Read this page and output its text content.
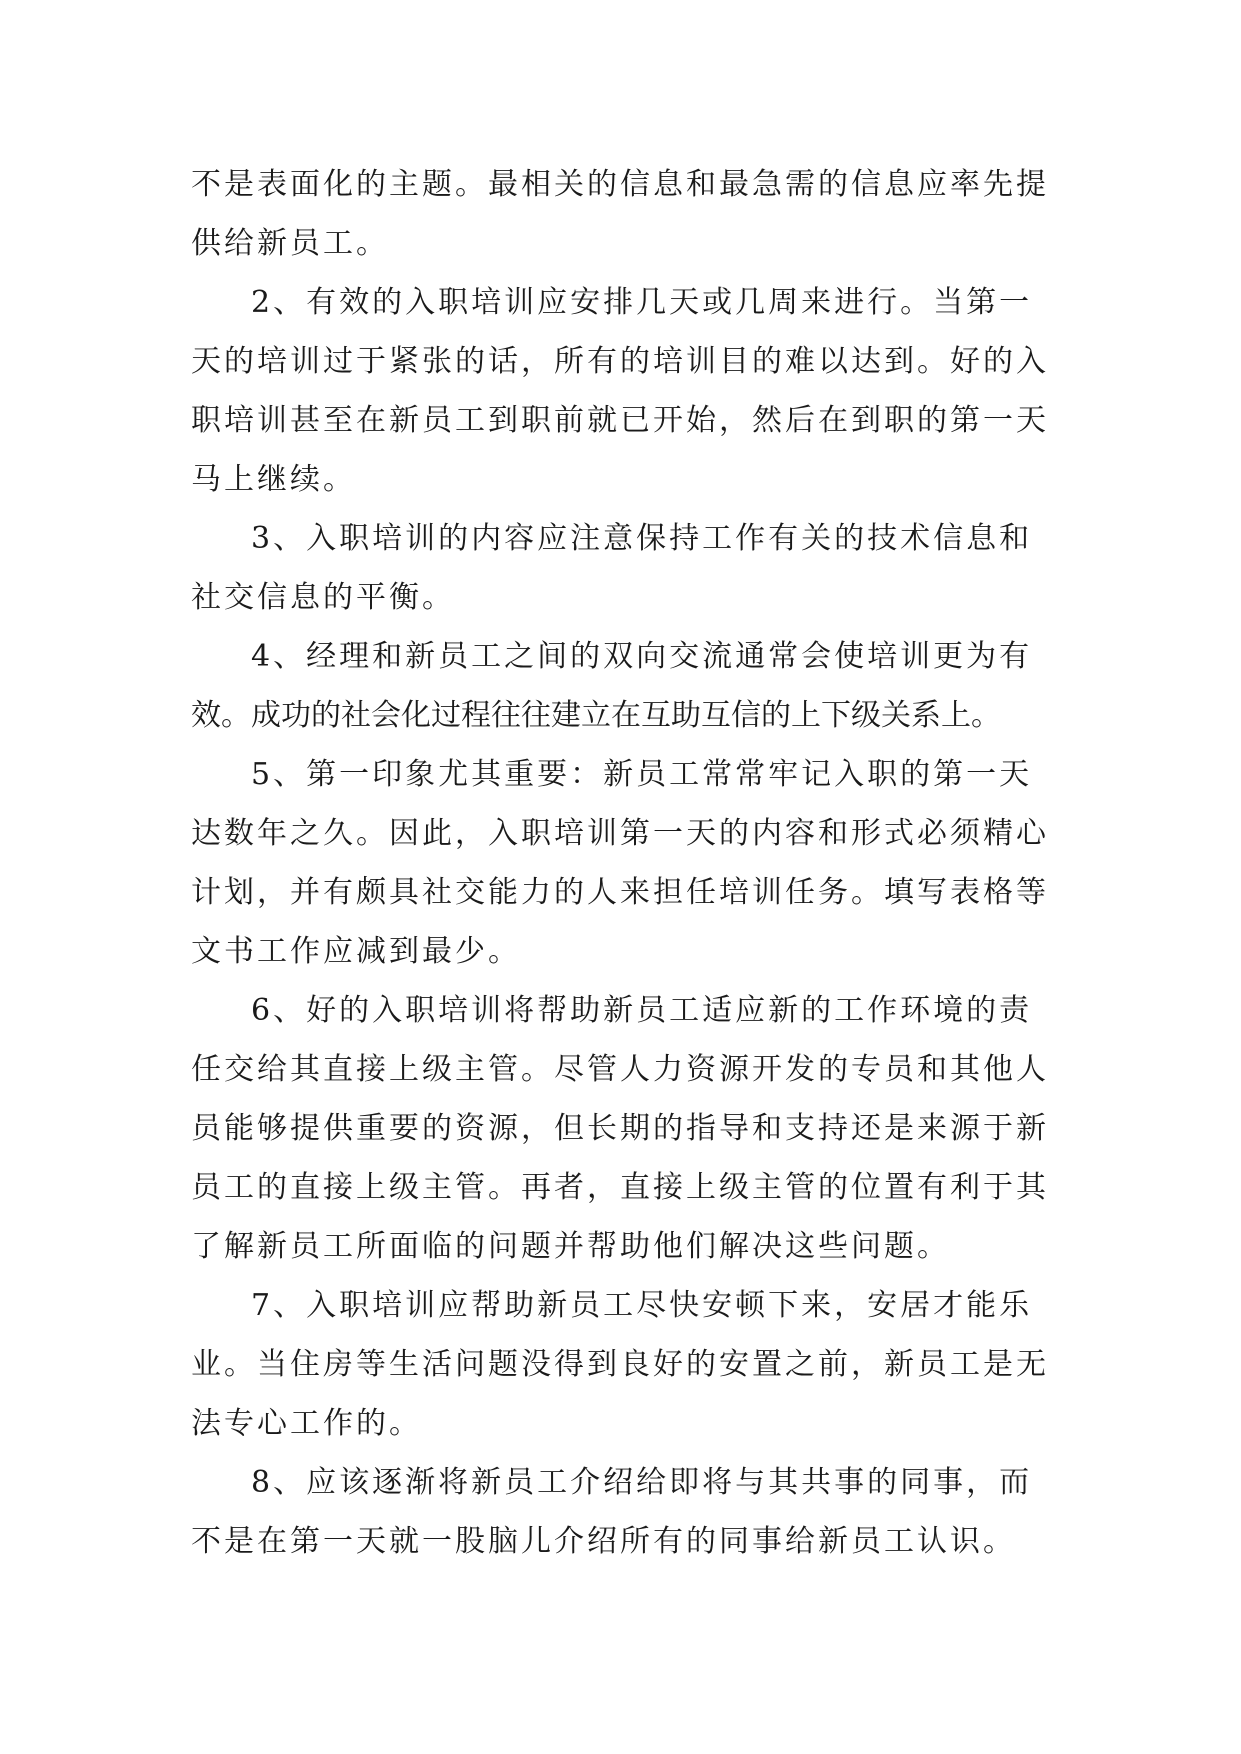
不是表面化的主题。最相关的信息和最急需的信息应率先提
供给新员工。
2、有效的入职培训应安排几天或几周来进行。当第一
天的培训过于紧张的话，所有的培训目的难以达到。好的入
职培训甚至在新员工到职前就已开始，然后在到职的第一天
马上继续。
3、入职培训的内容应注意保持工作有关的技术信息和
社交信息的平衡。
4、经理和新员工之间的双向交流通常会使培训更为有
效。成功的社会化过程往往建立在互助互信的上下级关系上。
5、第一印象尤其重要：新员工常常牢记入职的第一天
达数年之久。因此，入职培训第一天的内容和形式必须精心
计划，并有颇具社交能力的人来担任培训任务。填写表格等
文书工作应减到最少。
6、好的入职培训将帮助新员工适应新的工作环境的责
任交给其直接上级主管。尽管人力资源开发的专员和其他人
员能够提供重要的资源，但长期的指导和支持还是来源于新
员工的直接上级主管。再者，直接上级主管的位置有利于其
了解新员工所面临的问题并帮助他们解决这些问题。
7、入职培训应帮助新员工尽快安顿下来，安居才能乐
业。当住房等生活问题没得到良好的安置之前，新员工是无
法专心工作的。
8、应该逐渐将新员工介绍给即将与其共事的同事，而
不是在第一天就一股脑儿介绍所有的同事给新员工认识。
